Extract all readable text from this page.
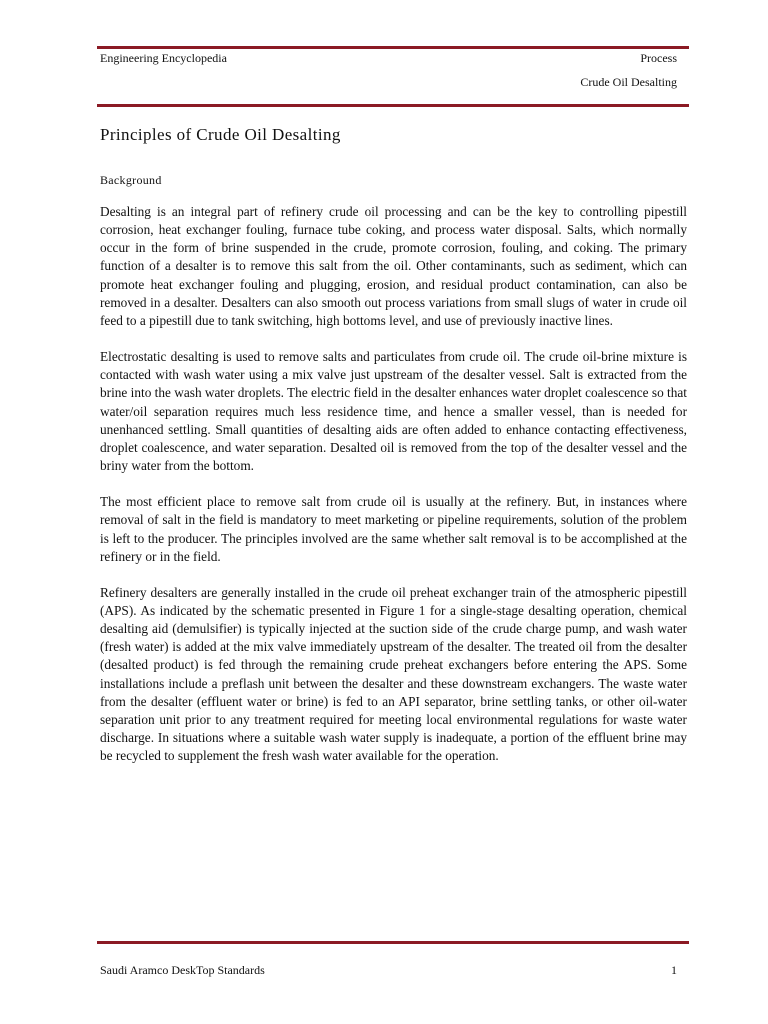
Engineering Encyclopedia	Process
Crude Oil Desalting
Principles of Crude Oil Desalting
Background

Desalting is an integral part of refinery crude oil processing and can be the key to controlling pipestill corrosion, heat exchanger fouling, furnace tube coking, and process water disposal. Salts, which normally occur in the form of brine suspended in the crude, promote corrosion, fouling, and coking. The primary function of a desalter is to remove this salt from the oil. Other contaminants, such as sediment, which can promote heat exchanger fouling and plugging, erosion, and residual product contamination, can also be removed in a desalter. Desalters can also smooth out process variations from small slugs of water in crude oil feed to a pipestill due to tank switching, high bottoms level, and use of previously inactive lines.

Electrostatic desalting is used to remove salts and particulates from crude oil. The crude oil-brine mixture is contacted with wash water using a mix valve just upstream of the desalter vessel. Salt is extracted from the brine into the wash water droplets. The electric field in the desalter enhances water droplet coalescence so that water/oil separation requires much less residence time, and hence a smaller vessel, than is needed for unenhanced settling. Small quantities of desalting aids are often added to enhance contacting effectiveness, droplet coalescence, and water separation. Desalted oil is removed from the top of the desalter vessel and the briny water from the bottom.

The most efficient place to remove salt from crude oil is usually at the refinery. But, in instances where removal of salt in the field is mandatory to meet marketing or pipeline requirements, solution of the problem is left to the producer. The principles involved are the same whether salt removal is to be accomplished at the refinery or in the field.

Refinery desalters are generally installed in the crude oil preheat exchanger train of the atmospheric pipestill (APS). As indicated by the schematic presented in Figure 1 for a single-stage desalting operation, chemical desalting aid (demulsifier) is typically injected at the suction side of the crude charge pump, and wash water (fresh water) is added at the mix valve immediately upstream of the desalter. The treated oil from the desalter (desalted product) is fed through the remaining crude preheat exchangers before entering the APS. Some installations include a preflash unit between the desalter and these downstream exchangers. The waste water from the desalter (effluent water or brine) is fed to an API separator, brine settling tanks, or other oil-water separation unit prior to any treatment required for meeting local environmental regulations for waste water discharge. In situations where a suitable wash water supply is inadequate, a portion of the effluent brine may be recycled to supplement the fresh wash water available for the operation.

Saudi Aramco DeskTop Standards	1
